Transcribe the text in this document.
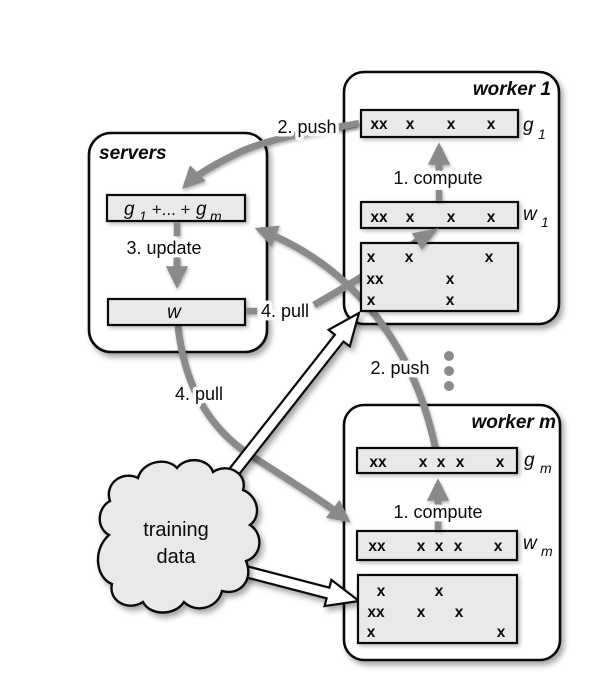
training
data
servers
g 1 +... + g m
3. update
w	4. pull
4. pull
2. push
2. push
worker 1
g 1
w 1
1. compute
xx x x x
xx x x x
x x	x
xx	x
x	x
worker m
g m
w m
1. compute
xx x x x x
xx x x x x
x	x
xx x x
x	x
